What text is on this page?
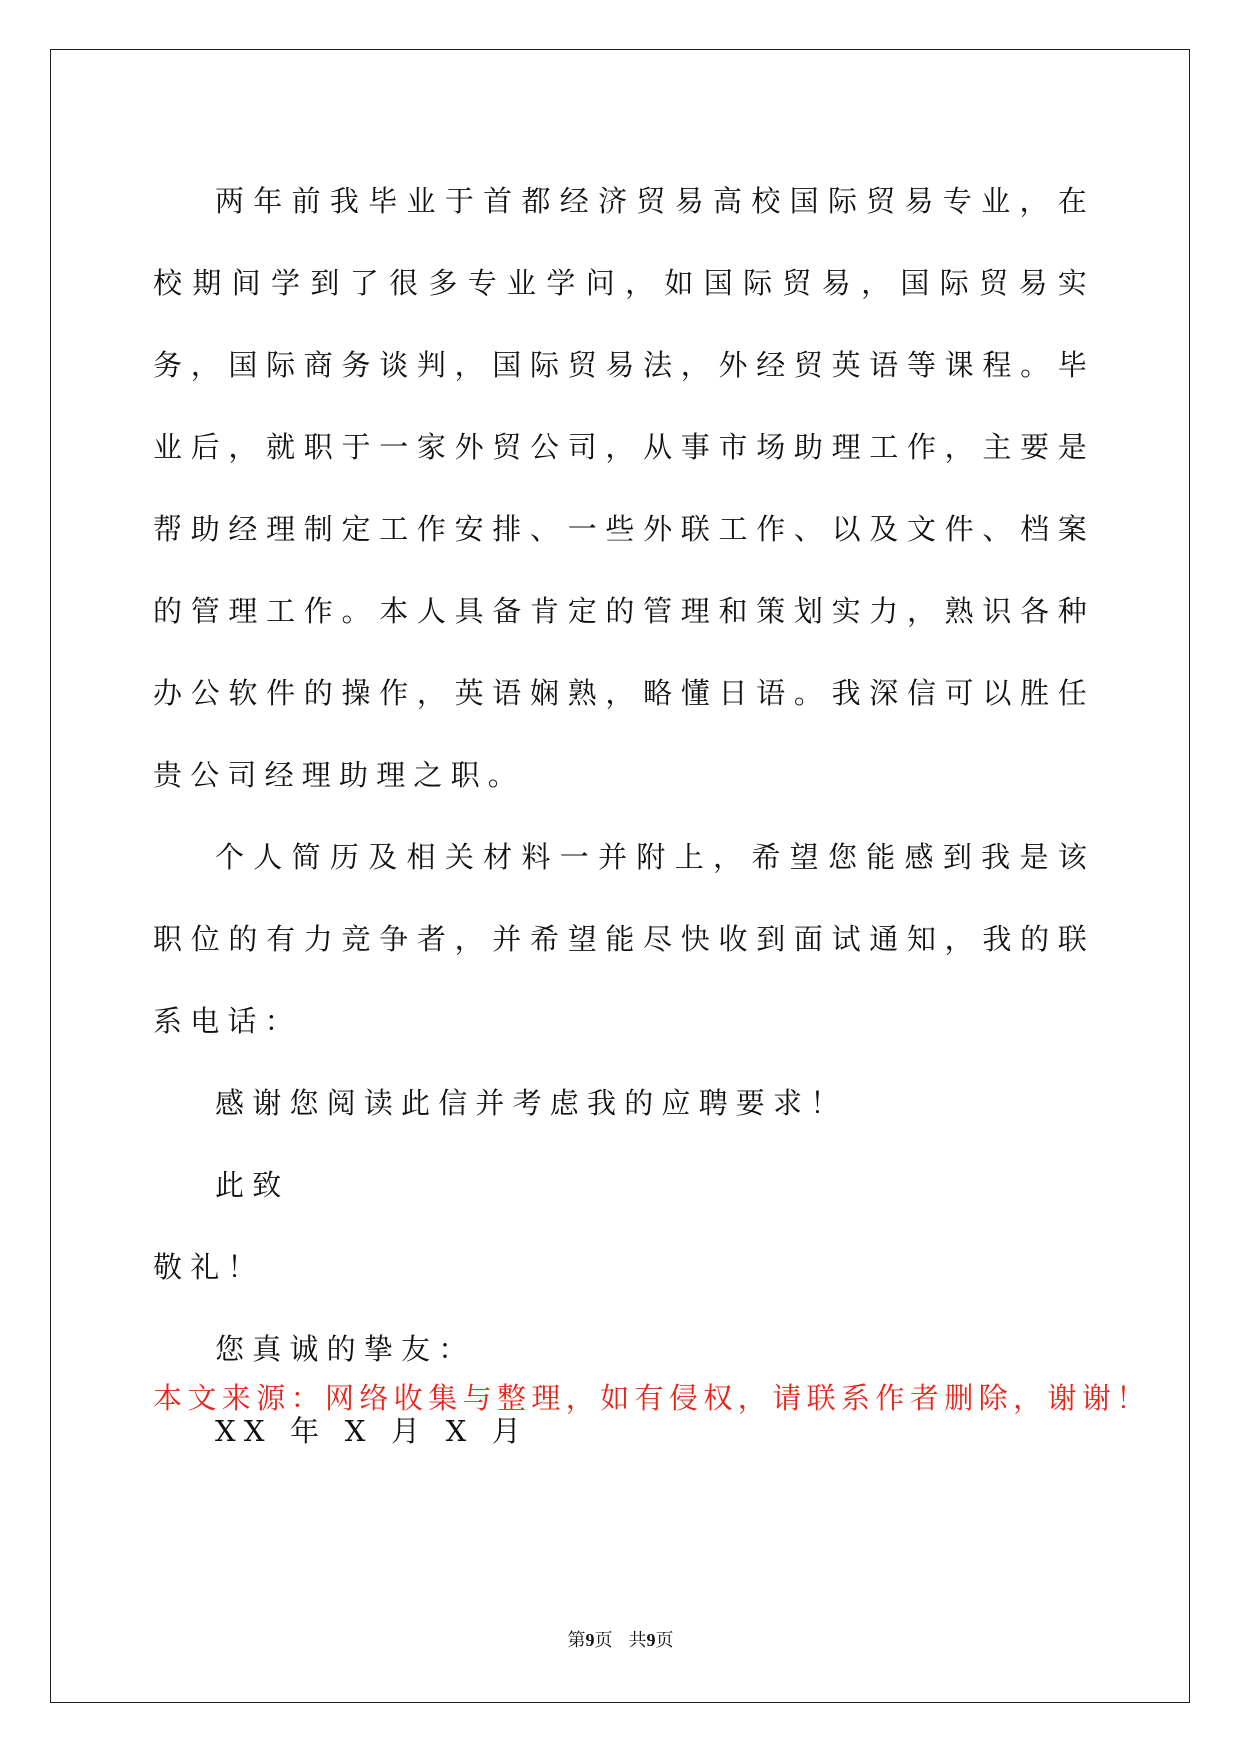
两年前我毕业于首都经济贸易高校国际贸易专业，在校期间学到了很多专业学问，如国际贸易，国际贸易实务，国际商务谈判，国际贸易法，外经贸英语等课程。毕业后，就职于一家外贸公司，从事市场助理工作，主要是帮助经理制定工作安排、一些外联工作、以及文件、档案的管理工作。本人具备肯定的管理和策划实力，熟识各种办公软件的操作，英语娴熟，略懂日语。我深信可以胜任贵公司经理助理之职。

个人简历及相关材料一并附上，希望您能感到我是该职位的有力竞争者，并希望能尽快收到面试通知，我的联系电话：

感谢您阅读此信并考虑我的应聘要求！

此致

敬礼！

您真诚的挚友：

XX 年 X 月 X 月

本文来源：网络收集与整理，如有侵权，请联系作者删除，谢谢！

第9页 共9页
